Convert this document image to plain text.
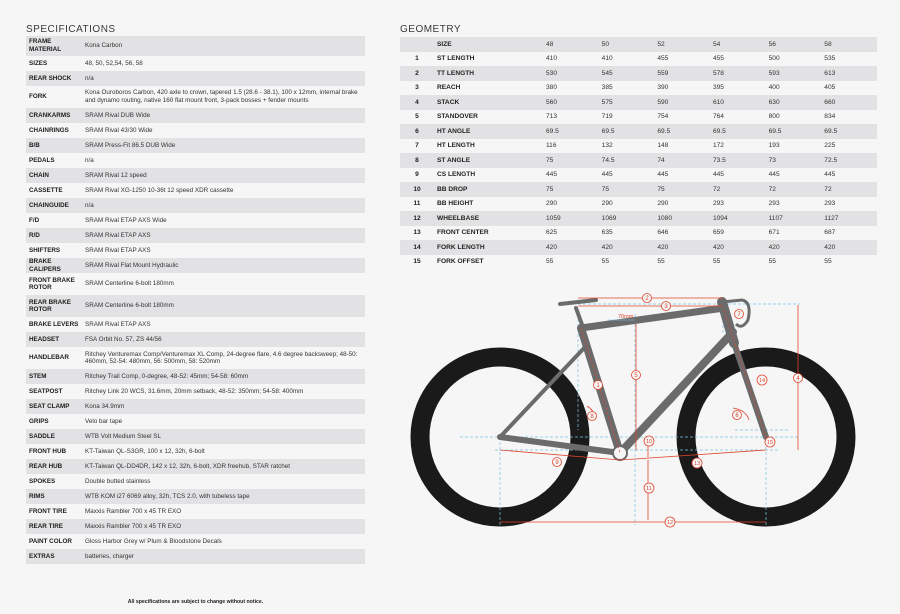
SPECIFICATIONS
FRAME MATERIAL	Kona Carbon
SIZES	48, 50, 52,54, 56, 58
REAR SHOCK	n/a
FORK	Kona Ouroboros Carbon, 420 axle to crown, tapered 1.5 (28.6 - 38.1), 100 x 12mm, internal brake and dynamo routing, native 160 flat mount front, 3-pack bosses + fender mounts
CRANKARMS	SRAM Rival DUB Wide
CHAINRINGS	SRAM Rival 43/30 Wide
B/B	SRAM Press-Fit 86.5 DUB Wide
PEDALS	n/a
CHAIN	SRAM Rival 12 speed
CASSETTE	SRAM Rival XG-1250 10-36t 12 speed XDR cassette
CHAINGUIDE	n/a
F/D	SRAM Rival ETAP AXS Wide
R/D	SRAM Rival ETAP AXS
SHIFTERS	SRAM Rival ETAP AXS
BRAKE CALIPERS	SRAM Rival Flat Mount Hydraulic
FRONT BRAKE ROTOR	SRAM Centerline 6-bolt 180mm
REAR BRAKE ROTOR	SRAM Centerline 6-bolt 180mm
BRAKE LEVERS	SRAM Rival ETAP AXS
HEADSET	FSA Orbit No. 57, ZS 44/56
HANDLEBAR	Ritchey Venturemax Comp/Venturemax XL Comp, 24-degree flare, 4.6 degree backsweep; 48-50: 460mm, 52-54: 480mm, 56: 500mm, 58: 520mm
STEM	Ritchey Trail Comp, 0-degree, 48-52: 45mm; 54-58: 60mm
SEATPOST	Ritchey Link 20 WCS, 31.6mm, 20mm setback, 48-52: 350mm; 54-58: 400mm
SEAT CLAMP	Kona 34.9mm
GRIPS	Velo bar tape
SADDLE	WTB Volt Medium Steel SL
FRONT HUB	KT-Taiwan QL-S3GR, 100 x 12, 32h, 6-bolt
REAR HUB	KT-Taiwan QL-DD4DR, 142 x 12, 32h, 6-bolt, XDR freehub, STAR ratchet
SPOKES	Double butted stainless
RIMS	WTB KOM i27 6069 alloy, 32h, TCS 2.0, with tubeless tape
FRONT TIRE	Maxxis Rambler 700 x 45 TR EXO
REAR TIRE	Maxxis Rambler 700 x 45 TR EXO
PAINT COLOR	Gloss Harbor Grey w/ Plum & Bloodstone Decals
EXTRAS	batteries, charger
All specifications are subject to change without notice.
GEOMETRY
	SIZE	48	50	52	54	56	58
1	ST LENGTH	410	410	455	455	500	535
2	TT LENGTH	530	545	559	578	593	613
3	REACH	380	385	390	395	400	405
4	STACK	560	575	590	610	630	660
5	STANDOVER	713	719	754	764	800	834
6	HT ANGLE	69.5	69.5	69.5	69.5	69.5	69.5
7	HT LENGTH	116	132	148	172	193	225
8	ST ANGLE	75	74.5	74	73.5	73	72.5
9	CS LENGTH	445	445	445	445	445	445
10	BB DROP	75	75	75	72	72	72
11	BB HEIGHT	290	290	290	293	293	293
12	WHEELBASE	1059	1069	1080	1094	1107	1127
13	FRONT CENTER	625	635	646	659	671	687
14	FORK LENGTH	420	420	420	420	420	420
15	FORK OFFSET	55	55	55	55	55	55
70mm
1
2
3
4
5
6
7
8
9
10
11
12
13
14
15
